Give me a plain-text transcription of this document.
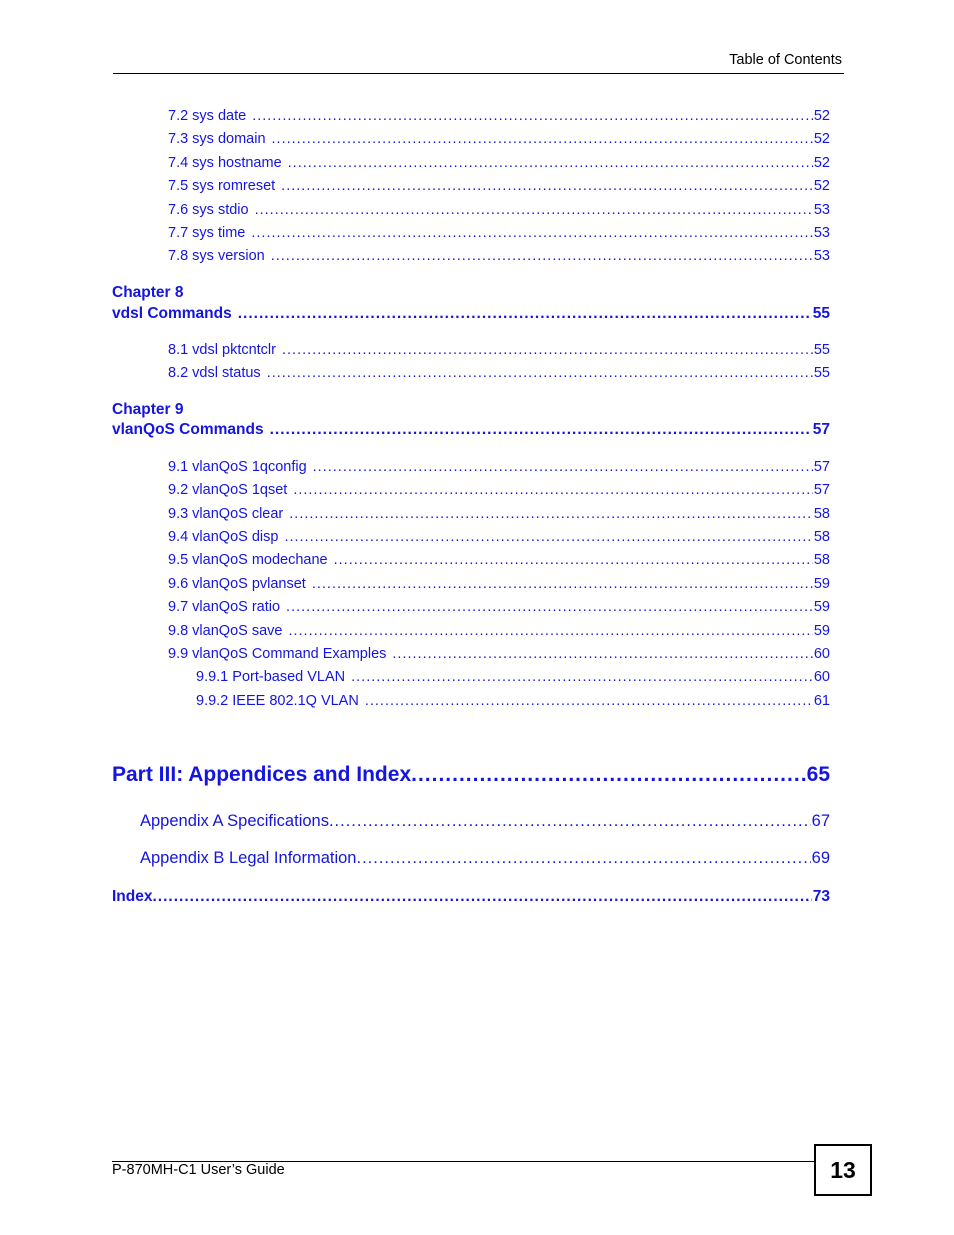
Table of Contents
7.2 sys date .....	52
7.3 sys domain .....	52
7.4 sys hostname .....	52
7.5 sys romreset .....	52
7.6 sys stdio .....	53
7.7 sys time .....	53
7.8 sys version .....	53
Chapter 8
vdsl Commands .....	55
8.1 vdsl pktcntclr .....	55
8.2 vdsl status .....	55
Chapter 9
vlanQoS Commands .....	57
9.1 vlanQoS 1qconfig .....	57
9.2 vlanQoS 1qset .....	57
9.3 vlanQoS clear .....	58
9.4 vlanQoS disp .....	58
9.5 vlanQoS modechane .....	58
9.6 vlanQoS pvlanset .....	59
9.7 vlanQoS ratio .....	59
9.8 vlanQoS save .....	59
9.9 vlanQoS Command Examples .....	60
9.9.1 Port-based VLAN .....	60
9.9.2 IEEE 802.1Q VLAN .....	61
Part III: Appendices and Index .....	65
Appendix A Specifications .....	67
Appendix B Legal Information .....	69
Index .....	73
P-870MH-C1 User’s Guide	13
